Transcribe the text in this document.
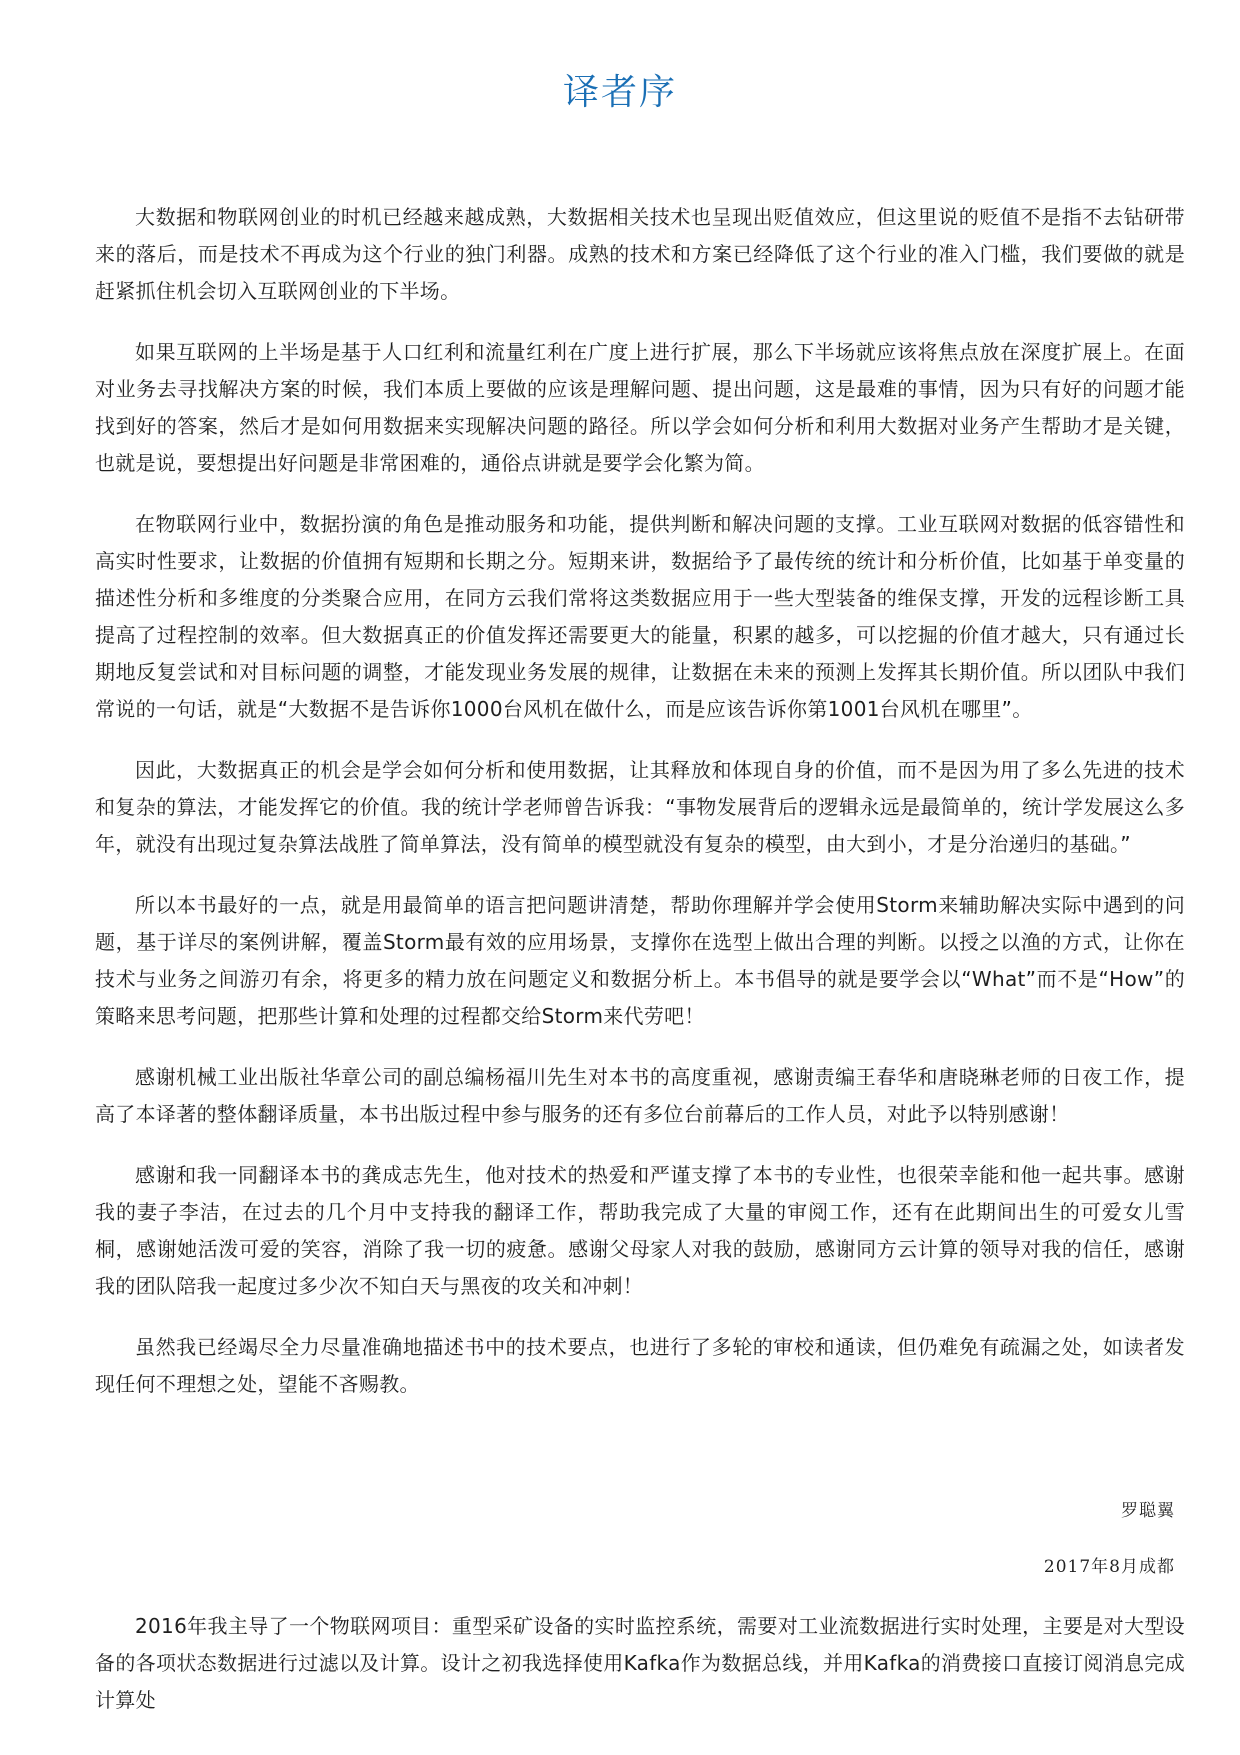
译者序

大数据和物联网创业的时机已经越来越成熟，大数据相关技术也呈现出贬值效应，但这里说的贬值不是指不去钻研带来的落后，而是技术不再成为这个行业的独门利器。成熟的技术和方案已经降低了这个行业的准入门槛，我们要做的就是赶紧抓住机会切入互联网创业的下半场。

如果互联网的上半场是基于人口红利和流量红利在广度上进行扩展，那么下半场就应该将焦点放在深度扩展上。在面对业务去寻找解决方案的时候，我们本质上要做的应该是理解问题、提出问题，这是最难的事情，因为只有好的问题才能找到好的答案，然后才是如何用数据来实现解决问题的路径。所以学会如何分析和利用大数据对业务产生帮助才是关键，也就是说，要想提出好问题是非常困难的，通俗点讲就是要学会化繁为简。

在物联网行业中，数据扮演的角色是推动服务和功能，提供判断和解决问题的支撑。工业互联网对数据的低容错性和高实时性要求，让数据的价值拥有短期和长期之分。短期来讲，数据给予了最传统的统计和分析价值，比如基于单变量的描述性分析和多维度的分类聚合应用，在同方云我们常将这类数据应用于一些大型装备的维保支撑，开发的远程诊断工具提高了过程控制的效率。但大数据真正的价值发挥还需要更大的能量，积累的越多，可以挖掘的价值才越大，只有通过长期地反复尝试和对目标问题的调整，才能发现业务发展的规律，让数据在未来的预测上发挥其长期价值。所以团队中我们常说的一句话，就是“大数据不是告诉你1000台风机在做什么，而是应该告诉你第1001台风机在哪里”。

因此，大数据真正的机会是学会如何分析和使用数据，让其释放和体现自身的价值，而不是因为用了多么先进的技术和复杂的算法，才能发挥它的价值。我的统计学老师曾告诉我：“事物发展背后的逻辑永远是最简单的，统计学发展这么多年，就没有出现过复杂算法战胜了简单算法，没有简单的模型就没有复杂的模型，由大到小，才是分治递归的基础。”

所以本书最好的一点，就是用最简单的语言把问题讲清楚，帮助你理解并学会使用Storm来辅助解决实际中遇到的问题，基于详尽的案例讲解，覆盖Storm最有效的应用场景，支撑你在选型上做出合理的判断。以授之以渔的方式，让你在技术与业务之间游刃有余，将更多的精力放在问题定义和数据分析上。本书倡导的就是要学会以“What”而不是“How”的策略来思考问题，把那些计算和处理的过程都交给Storm来代劳吧！

感谢机械工业出版社华章公司的副总编杨福川先生对本书的高度重视，感谢责编王春华和唐晓琳老师的日夜工作，提高了本译著的整体翻译质量，本书出版过程中参与服务的还有多位台前幕后的工作人员，对此予以特别感谢！

感谢和我一同翻译本书的龚成志先生，他对技术的热爱和严谨支撑了本书的专业性，也很荣幸能和他一起共事。感谢我的妻子李洁，在过去的几个月中支持我的翻译工作，帮助我完成了大量的审阅工作，还有在此期间出生的可爱女儿雪桐，感谢她活泼可爱的笑容，消除了我一切的疲惫。感谢父母家人对我的鼓励，感谢同方云计算的领导对我的信任，感谢我的团队陪我一起度过多少次不知白天与黑夜的攻关和冲刺！

虽然我已经竭尽全力尽量准确地描述书中的技术要点，也进行了多轮的审校和通读，但仍难免有疏漏之处，如读者发现任何不理想之处，望能不吝赐教。

罗聪翼
2017年8月成都

2016年我主导了一个物联网项目：重型采矿设备的实时监控系统，需要对工业流数据进行实时处理，主要是对大型设备的各项状态数据进行过滤以及计算。设计之初我选择使用Kafka作为数据总线，并用Kafka的消费接口直接订阅消息完成计算处
